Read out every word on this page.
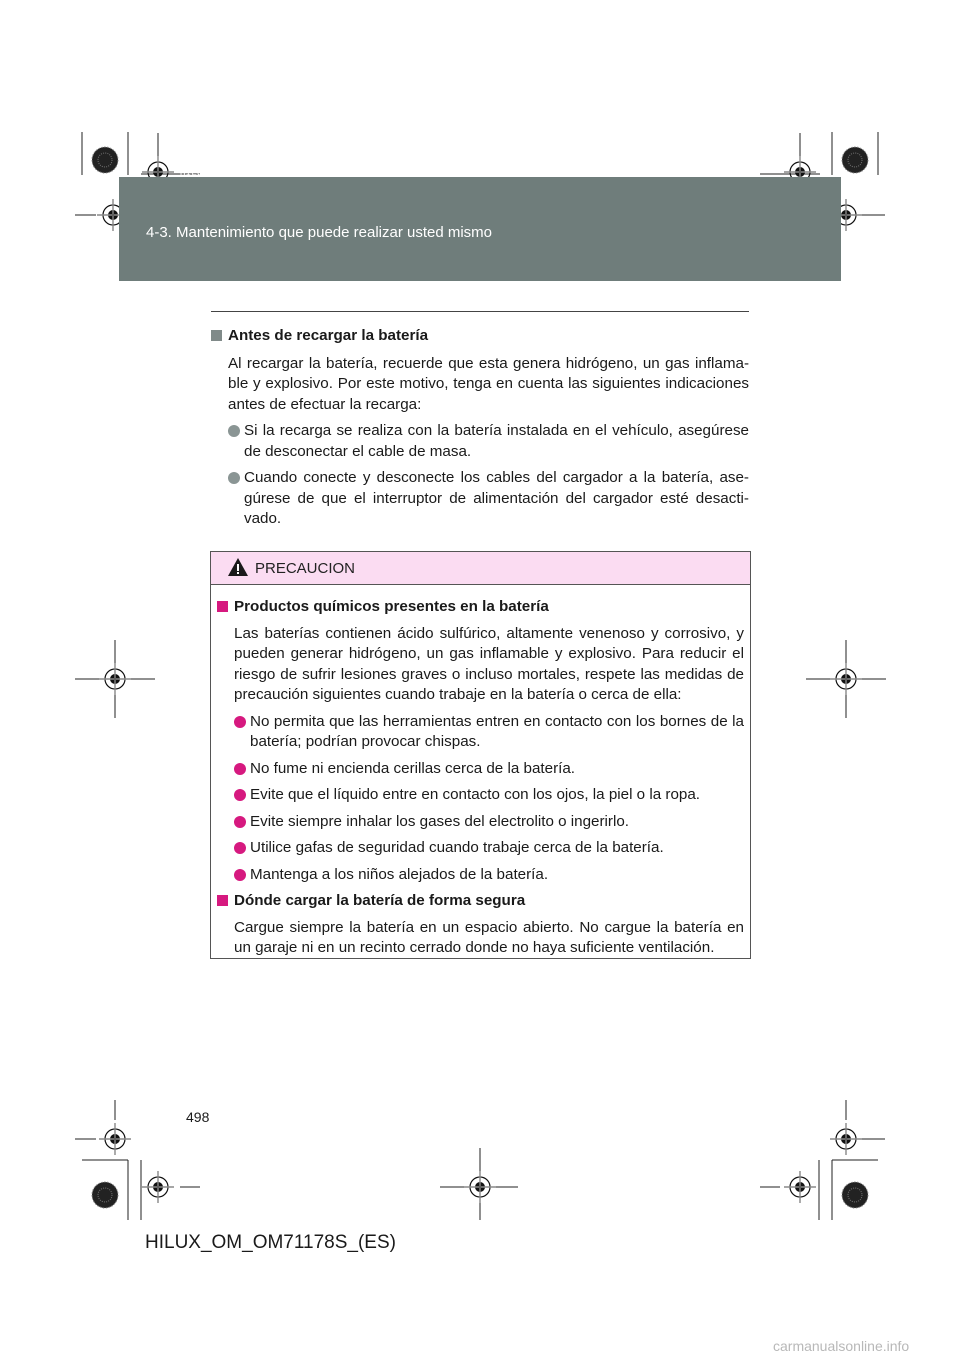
HILUX_OM_OM71178S_(ES).book Page 498 Wednesday, May 16, 2012 3:09 PM
4-3. Mantenimiento que puede realizar usted mismo
Antes de recargar la batería
Al recargar la batería, recuerde que esta genera hidrógeno, un gas inflama-ble y explosivo. Por este motivo, tenga en cuenta las siguientes indicaciones antes de efectuar la recarga:
Si la recarga se realiza con la batería instalada en el vehículo, asegúrese de desconectar el cable de masa.
Cuando conecte y desconecte los cables del cargador a la batería, ase-gúrese de que el interruptor de alimentación del cargador esté desacti-vado.
PRECAUCION
Productos químicos presentes en la batería
Las baterías contienen ácido sulfúrico, altamente venenoso y corrosivo, y pueden generar hidrógeno, un gas inflamable y explosivo. Para reducir el riesgo de sufrir lesiones graves o incluso mortales, respete las medidas de precaución siguientes cuando trabaje en la batería o cerca de ella:
No permita que las herramientas entren en contacto con los bornes de la batería; podrían provocar chispas.
No fume ni encienda cerillas cerca de la batería.
Evite que el líquido entre en contacto con los ojos, la piel o la ropa.
Evite siempre inhalar los gases del electrolito o ingerirlo.
Utilice gafas de seguridad cuando trabaje cerca de la batería.
Mantenga a los niños alejados de la batería.
Dónde cargar la batería de forma segura
Cargue siempre la batería en un espacio abierto. No cargue la batería en un garaje ni en un recinto cerrado donde no haya suficiente ventilación.
498
HILUX_OM_OM71178S_(ES)
carmanualsonline.info
